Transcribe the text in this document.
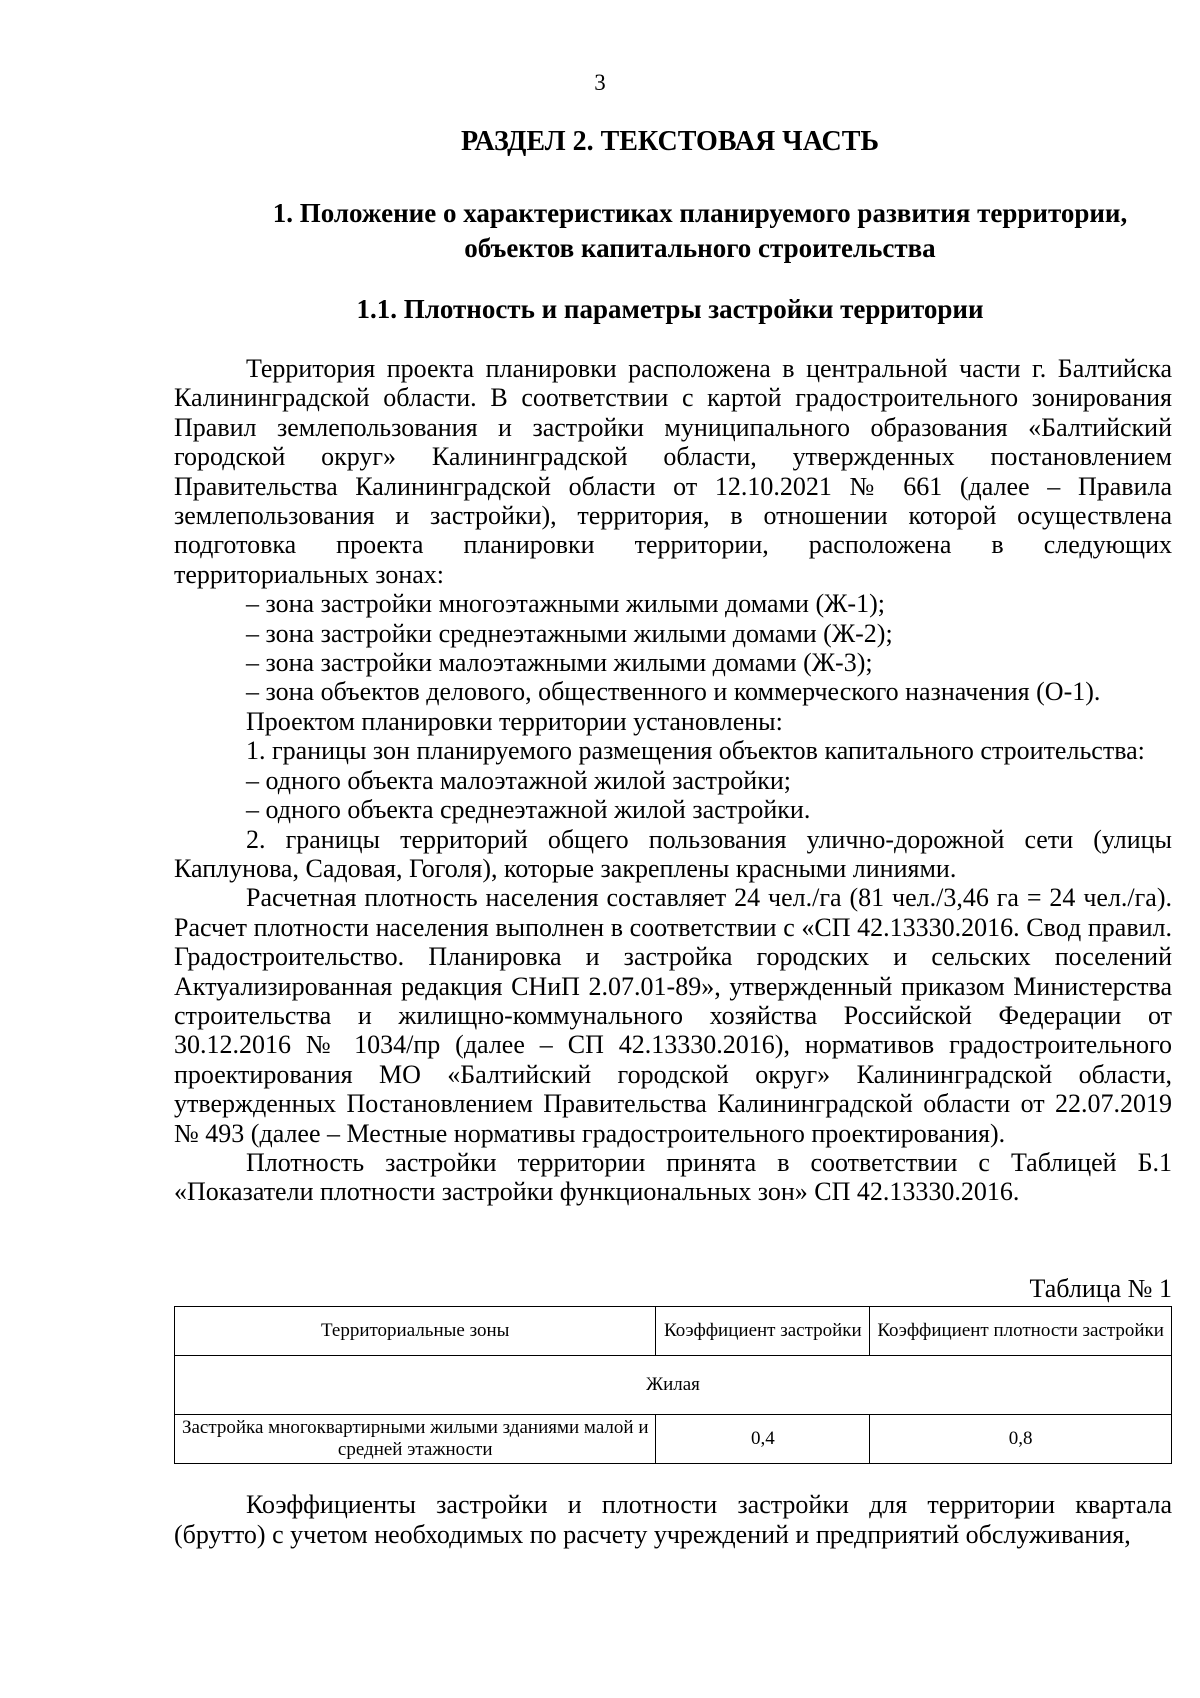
3
РАЗДЕЛ 2. ТЕКСТОВАЯ ЧАСТЬ
1. Положение о характеристиках планируемого развития территории, объектов капитального строительства
1.1. Плотность и параметры застройки территории

Территория проекта планировки расположена в центральной части г. Балтийска Калининградской области. В соответствии с картой градостроительного зонирования Правил землепользования и застройки муниципального образования «Балтийский городской округ» Калининградской области, утвержденных постановлением Правительства Калининградской области от 12.10.2021 № 661 (далее – Правила землепользования и застройки), территория, в отношении которой осуществлена подготовка проекта планировки территории, расположена в следующих территориальных зонах:

– зона застройки многоэтажными жилыми домами (Ж-1);

– зона застройки среднеэтажными жилыми домами (Ж-2);

– зона застройки малоэтажными жилыми домами (Ж-3);

– зона объектов делового, общественного и коммерческого назначения (О-1).

Проектом планировки территории установлены:

1. границы зон планируемого размещения объектов капитального строительства:

– одного объекта малоэтажной жилой застройки;

– одного объекта среднеэтажной жилой застройки.

2. границы территорий общего пользования улично-дорожной сети (улицы Каплунова, Садовая, Гоголя), которые закреплены красными линиями.

Расчетная плотность населения составляет 24 чел./га (81 чел./3,46 га = 24 чел./га). Расчет плотности населения выполнен в соответствии с «СП 42.13330.2016. Свод правил. Градостроительство. Планировка и застройка городских и сельских поселений Актуализированная редакция СНиП 2.07.01-89», утвержденный приказом Министерства строительства и жилищно-коммунального хозяйства Российской Федерации от 30.12.2016 № 1034/пр (далее – СП 42.13330.2016), нормативов градостроительного проектирования МО «Балтийский городской округ» Калининградской области, утвержденных Постановлением Правительства Калининградской области от 22.07.2019 № 493 (далее – Местные нормативы градостроительного проектирования).

Плотность застройки территории принята в соответствии с Таблицей Б.1 «Показатели плотности застройки функциональных зон» СП 42.13330.2016.

Таблица № 1
Территориальные зоны	Коэффициент застройки	Коэффициент плотности застройки
Жилая		
Застройка многоквартирными жилыми зданиями малой и средней этажности	0,4	0,8

Коэффициенты застройки и плотности застройки для территории квартала (брутто) с учетом необходимых по расчету учреждений и предприятий обслуживания,
